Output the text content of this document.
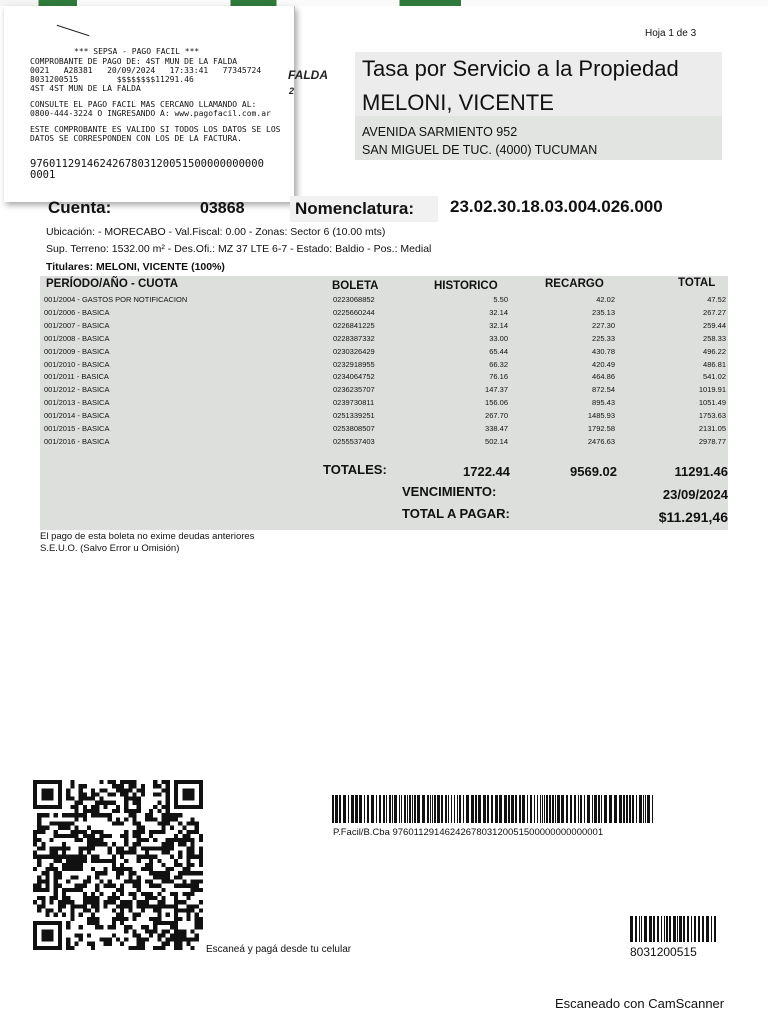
*** SEPSA - PAGO FACIL ***
COMPROBANTE DE PAGO DE: 4ST MUN DE LA FALDA
0021   A28381   20/09/2024   17:33:41   77345724
8031200515        $$$$$$$$11291.46
4ST 4ST MUN DE LA FALDA
CONSULTE EL PAGO FACIL MAS CERCANO LLAMANDO AL:
0800-444-3224 O INGRESANDO A: www.pagofacil.com.ar
ESTE COMPROBANTE ES VALIDO SI TODOS LOS DATOS SE LOS
DATOS SE CORRESPONDEN CON LOS DE LA FACTURA.
9760112914624267803120051500000000000
0001
FALDA
2
Hoja 1 de 3
Tasa por Servicio a la Propiedad
MELONI, VICENTE
AVENIDA SARMIENTO 952
SAN MIGUEL DE TUC. (4000) TUCUMAN
Cuenta:	03868	Nomenclatura: 23.02.30.18.03.004.026.000
Ubicación: - MORECABO - Val.Fiscal: 0.00 - Zonas: Sector 6 (10.00 mts)
Sup. Terreno: 1532.00 m² - Des.Ofi.: MZ 37 LTE 6-7 - Estado: Baldio - Pos.: Medial
Titulares: MELONI, VICENTE (100%)
PERÍODO/AÑO - CUOTA	BOLETA	HISTORICO	RECARGO	TOTAL
001/2004 - GASTOS POR NOTIFICACION	0223068852	5.50	42.02	47.52
001/2006 - BASICA	0225660244	32.14	235.13	267.27
001/2007 - BASICA	0226841225	32.14	227.30	259.44
001/2008 - BASICA	0228387332	33.00	225.33	258.33
001/2009 - BASICA	0230326429	65.44	430.78	496.22
001/2010 - BASICA	0232918955	66.32	420.49	486.81
001/2011 - BASICA	0234064752	76.16	464.86	541.02
001/2012 - BASICA	0236235707	147.37	872.54	1019.91
001/2013 - BASICA	0239730811	156.06	895.43	1051.49
001/2014 - BASICA	0251339251	267.70	1485.93	1753.63
001/2015 - BASICA	0253808507	338.47	1792.58	2131.05
001/2016 - BASICA	0255537403	502.14	2476.63	2978.77
TOTALES:	1722.44	9569.02	11291.46
VENCIMIENTO:	23/09/2024
TOTAL A PAGAR:	$11.291,46
El pago de esta boleta no exime deudas anteriores
S.E.U.O. (Salvo Error u Omisión)
P.Facil/B.Cba 9760112914624267803120051500000000000001
Escaneá y pagá desde tu celular	8031200515
Escaneado con CamScanner
